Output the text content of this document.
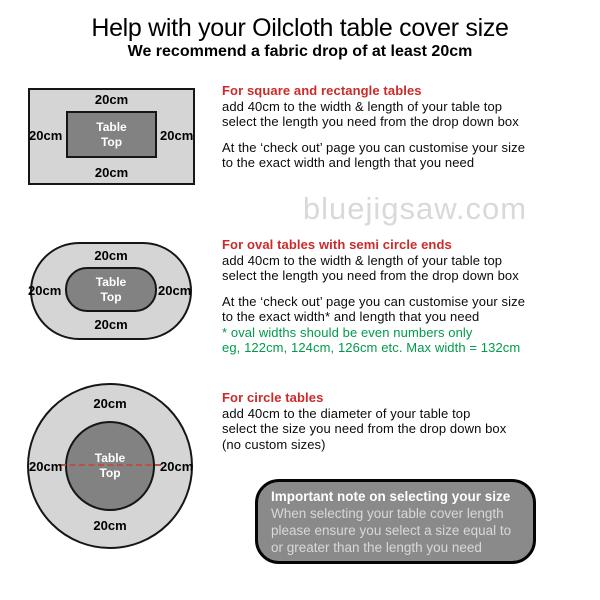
Help with your Oilcloth table cover size
We recommend a fabric drop of at least 20cm
bluejigsaw.com
Table
Top
20cm
20cm
20cm	20cm
For square and rectangle tables
add 40cm to the width & length of your table top
select the length you need from the drop down box
At the ‘check out’ page you can customise your size
to the exact width and length that you need
Table
Top
20cm
20cm
20cm	20cm
For oval tables with semi circle ends
add 40cm to the width & length of your table top
select the length you need from the drop down box
At the ‘check out’ page you can customise your size
to the exact width* and length that you need
* oval widths should be even numbers only
eg, 122cm, 124cm, 126cm etc. Max width = 132cm
Table
Top
20cm
20cm
20cm	20cm
For circle tables
add 40cm to the diameter of your table top
select the size you need from the drop down box
(no custom sizes)
Important note on selecting your size
When selecting your table cover length
please ensure you select a size equal to
or greater than the length you need
